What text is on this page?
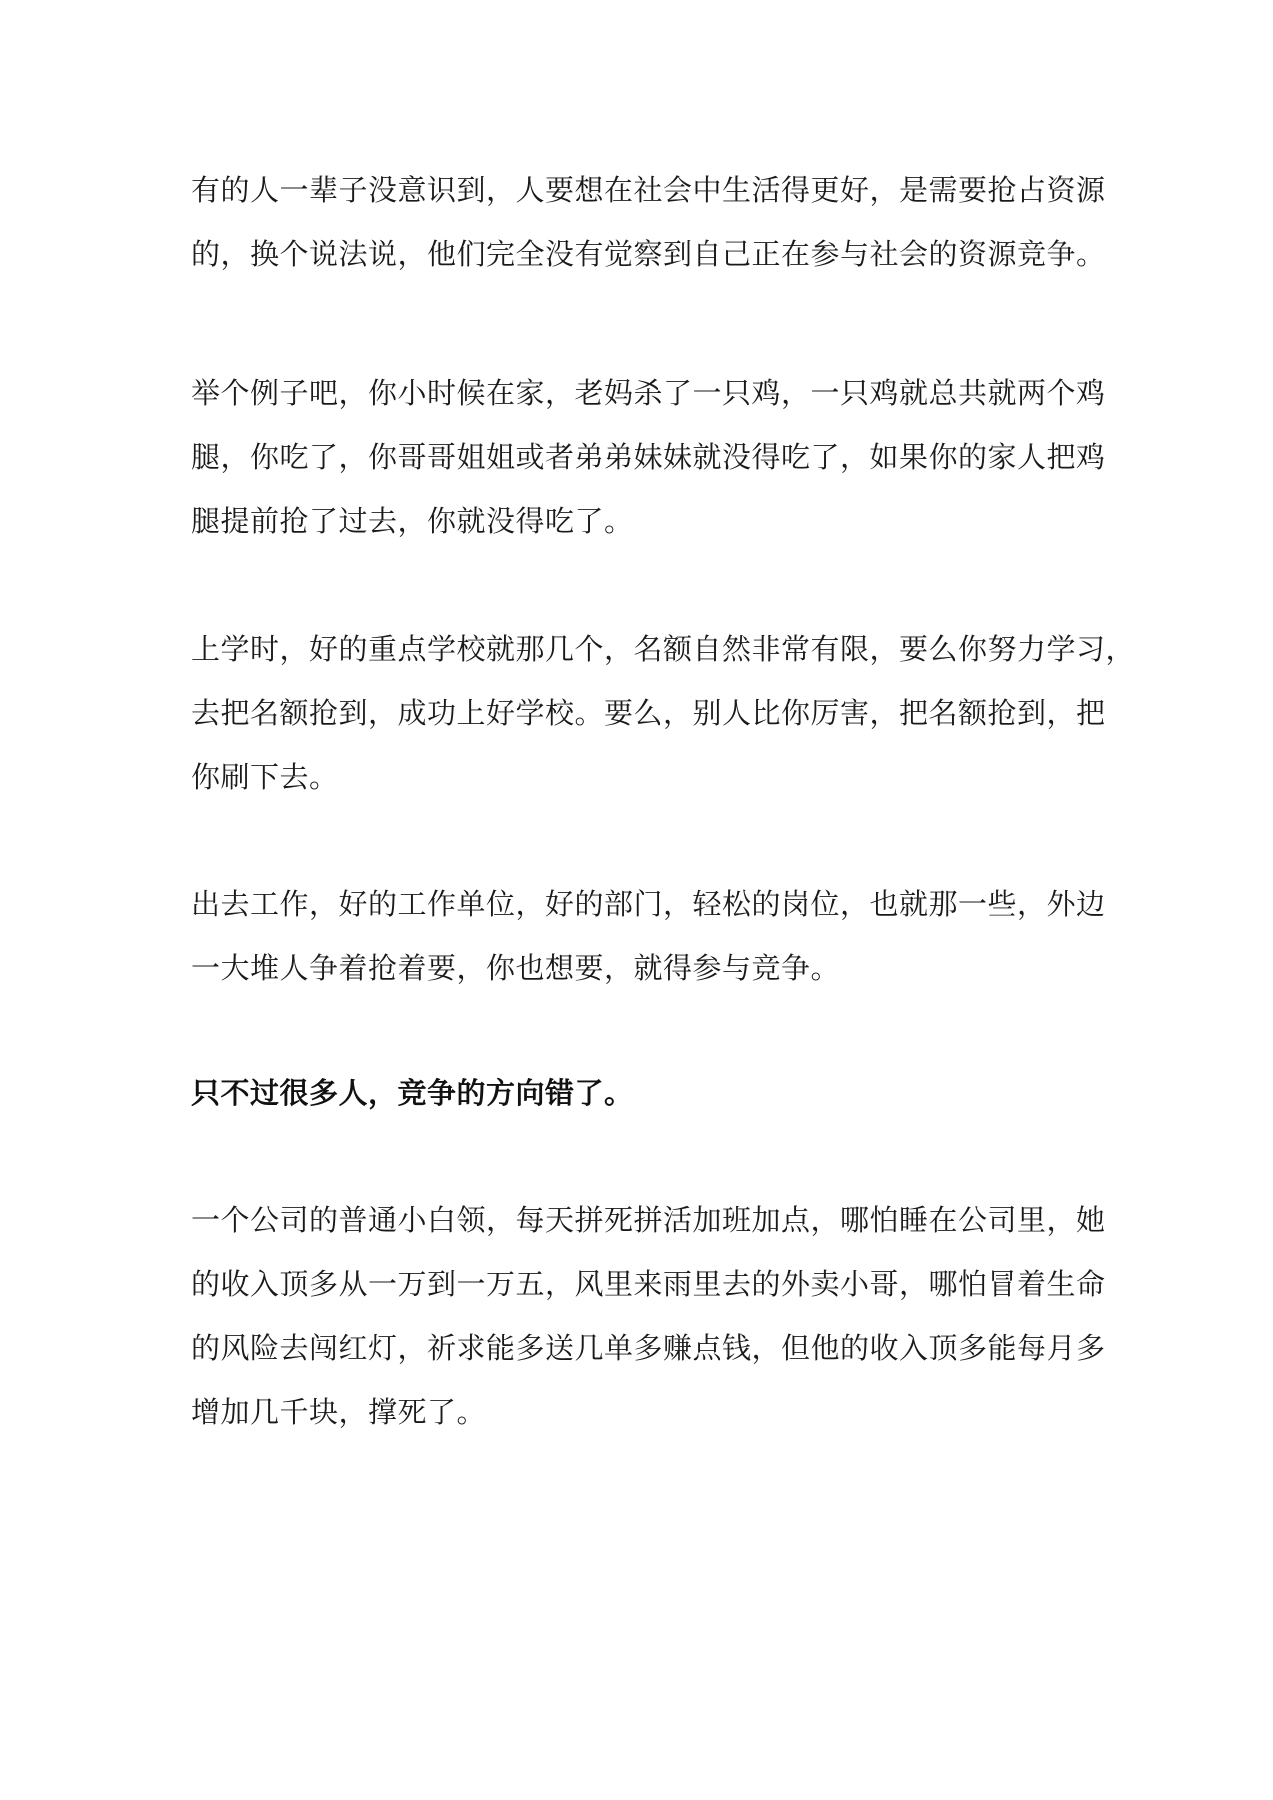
有的人一辈子没意识到，人要想在社会中生活得更好，是需要抢占资源
的，换个说法说，他们完全没有觉察到自己正在参与社会的资源竞争。

举个例子吧，你小时候在家，老妈杀了一只鸡，一只鸡就总共就两个鸡
腿，你吃了，你哥哥姐姐或者弟弟妹妹就没得吃了，如果你的家人把鸡
腿提前抢了过去，你就没得吃了。

上学时，好的重点学校就那几个，名额自然非常有限，要么你努力学习，
去把名额抢到，成功上好学校。要么，别人比你厉害，把名额抢到，把
你刷下去。

出去工作，好的工作单位，好的部门，轻松的岗位，也就那一些，外边
一大堆人争着抢着要，你也想要，就得参与竞争。

只不过很多人，竞争的方向错了。

一个公司的普通小白领，每天拼死拼活加班加点，哪怕睡在公司里，她
的收入顶多从一万到一万五，风里来雨里去的外卖小哥，哪怕冒着生命
的风险去闯红灯，祈求能多送几单多赚点钱，但他的收入顶多能每月多
增加几千块，撑死了。
